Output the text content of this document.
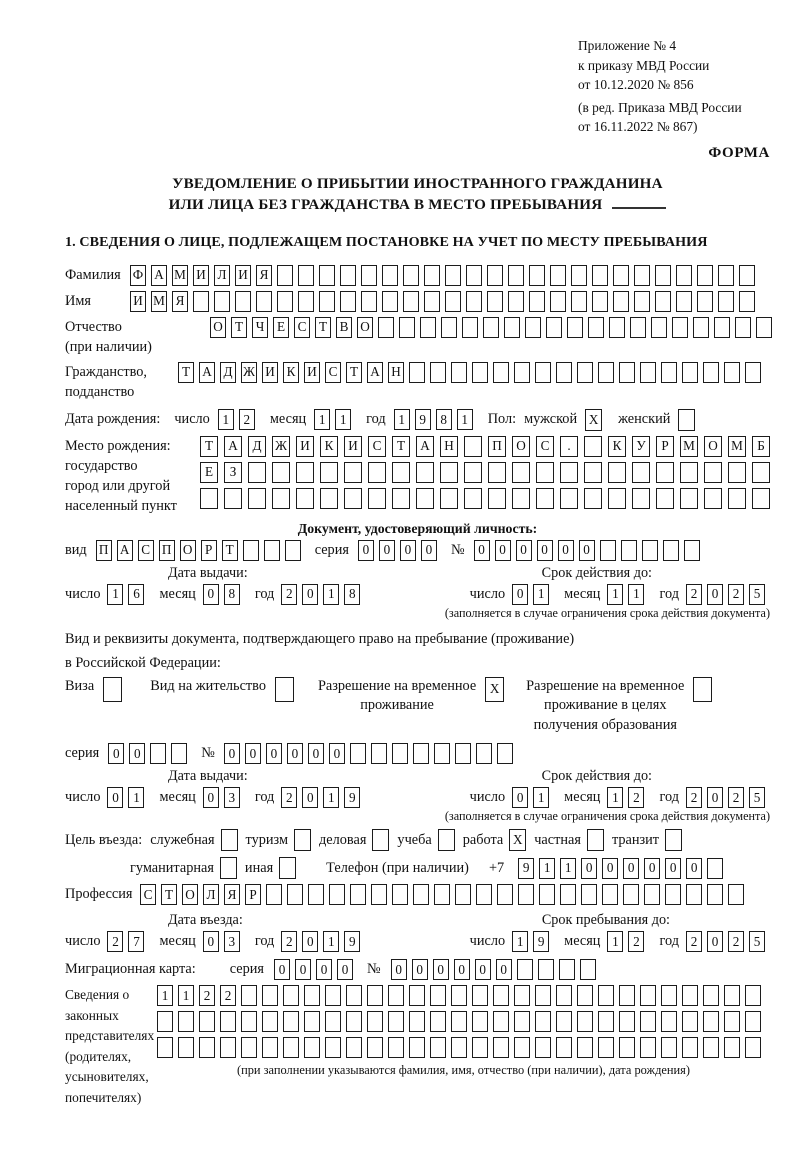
Приложение № 4
к приказу МВД России
от 10.12.2020 № 856
(в ред. Приказа МВД России
от 16.11.2022 № 867)
ФОРМА
УВЕДОМЛЕНИЕ О ПРИБЫТИИ ИНОСТРАННОГО ГРАЖДАНИНА
ИЛИ ЛИЦА БЕЗ ГРАЖДАНСТВА В МЕСТО ПРЕБЫВАНИЯ
1. СВЕДЕНИЯ О ЛИЦЕ, ПОДЛЕЖАЩЕМ ПОСТАНОВКЕ НА УЧЕТ ПО МЕСТУ ПРЕБЫВАНИЯ
Фамилия Ф А М И Л И Я
Имя	И М Я
Отчество
(при наличии)
О Т Ч Е С Т В О
Гражданство,
подданство
Т А Д Ж И К И С Т А Н
Дата рождения: число 1	2	месяц 1	1	год 1	9	8	1	Пол: мужской X женский
Место рождения:
государство
город или другой
населенный пункт
Т	А	Д	Ж	И	К	И	С	Т	А	Н	П	О	С	.	К	У	Р	М	О	М	Б
Е	З
Документ, удостоверяющий личность:
вид П А С П О Р	Т	серия	0	0	0	0	№	0	0	0	0	0	0
Дата выдачи:	Срок действия до:
число 1	6	месяц 0	8	год 2	0	1	8	число 0	1	месяц 1	1	год 2	0	2	5
(заполняется в случае ограничения срока действия документа)
Вид и реквизиты документа, подтверждающего право на пребывание (проживание)
в Российской Федерации:
Виза	Вид на жительство	Разрешение на временное
проживание
X	Разрешение на временное
проживание в целях
получения образования
серия	0	0	№	0	0	0	0	0	0
Дата выдачи:	Срок действия до:
число 0	1	месяц 0	3	год 2	0	1	9	число 0	1	месяц 1	2	год 2	0	2	5
(заполняется в случае ограничения срока действия документа)
Цель въезда: служебная туризм деловая учеба работа X частная транзит
гуманитарная иная	Телефон (при наличии) +7	9	1	1	0	0	0	0	0	0
Профессия С Т О Л Я Р
Дата въезда:	Срок пребывания до:
число 2	7	месяц 0	3	год 2	0	1	9	число 1	9	месяц 1	2	год 2	0	2	5
Миграционная карта: серия	0	0	0	0	№	0	0	0	0	0	0
Сведения о
законных
представителях
(родителях,
усыновителях,
попечителях)
1	1	2	2
(при заполнении указываются фамилия, имя, отчество (при наличии), дата рождения)
